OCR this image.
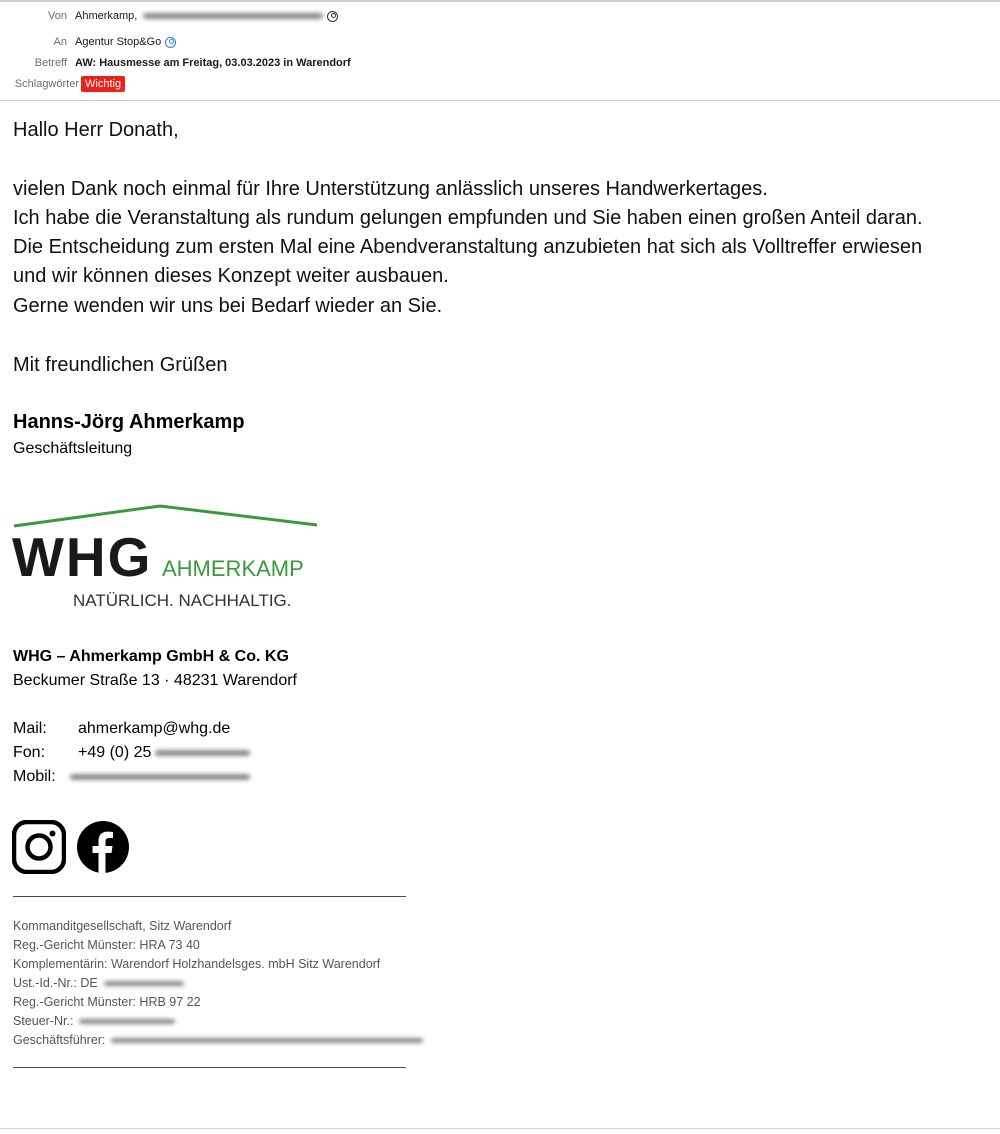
Von Ahmerkamp,
An Agentur Stop&Go
Betreff AW: Hausmesse am Freitag, 03.03.2023 in Warendorf
Schlagwörter Wichtig
Hallo Herr Donath,
vielen Dank noch einmal für Ihre Unterstützung anlässlich unseres Handwerkertages.
Ich habe die Veranstaltung als rundum gelungen empfunden und Sie haben einen großen Anteil daran.
Die Entscheidung zum ersten Mal eine Abendveranstaltung anzubieten hat sich als Volltreffer erwiesen
und wir können dieses Konzept weiter ausbauen.
Gerne wenden wir uns bei Bedarf wieder an Sie.
Mit freundlichen Grüßen
Hanns-Jörg Ahmerkamp
Geschäftsleitung
WHG AHMERKAMP
NATÜRLICH. NACHHALTIG.
WHG – Ahmerkamp GmbH & Co. KG
Beckumer Straße 13 · 48231 Warendorf
Mail:	ahmerkamp@whg.de
Fon:	+49 (0) 25
Mobil:
Kommanditgesellschaft, Sitz Warendorf
Reg.-Gericht Münster: HRA 73 40
Komplementärin: Warendorf Holzhandelsges. mbH Sitz Warendorf
Ust.-Id.-Nr.: DE
Reg.-Gericht Münster: HRB 97 22
Steuer-Nr.:
Geschäftsführer:
